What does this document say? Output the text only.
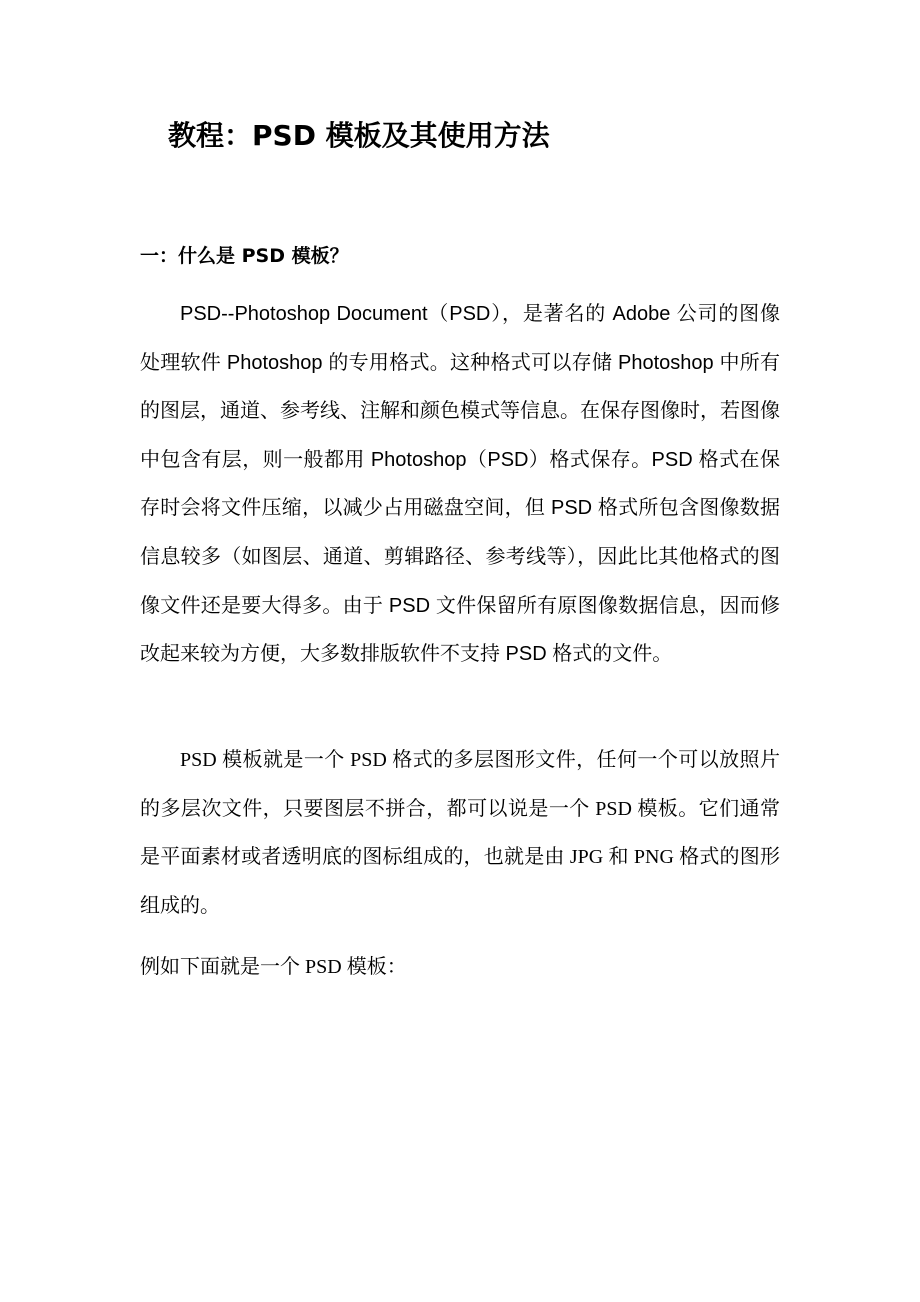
教程：PSD 模板及其使用方法
一：什么是 PSD 模板？

PSD--Photoshop Document（PSD），是著名的 Adobe 公司的图像处理软件 Photoshop 的专用格式。这种格式可以存储 Photoshop 中所有的图层，通道、参考线、注解和颜色模式等信息。在保存图像时，若图像中包含有层，则一般都用 Photoshop（PSD）格式保存。PSD 格式在保存时会将文件压缩，以减少占用磁盘空间，但 PSD 格式所包含图像数据信息较多（如图层、通道、剪辑路径、参考线等），因此比其他格式的图像文件还是要大得多。由于 PSD 文件保留所有原图像数据信息，因而修改起来较为方便，大多数排版软件不支持 PSD 格式的文件。

PSD 模板就是一个 PSD 格式的多层图形文件，任何一个可以放照片的多层次文件，只要图层不拼合，都可以说是一个 PSD 模板。它们通常是平面素材或者透明底的图标组成的，也就是由 JPG 和 PNG 格式的图形组成的。

例如下面就是一个 PSD 模板：
